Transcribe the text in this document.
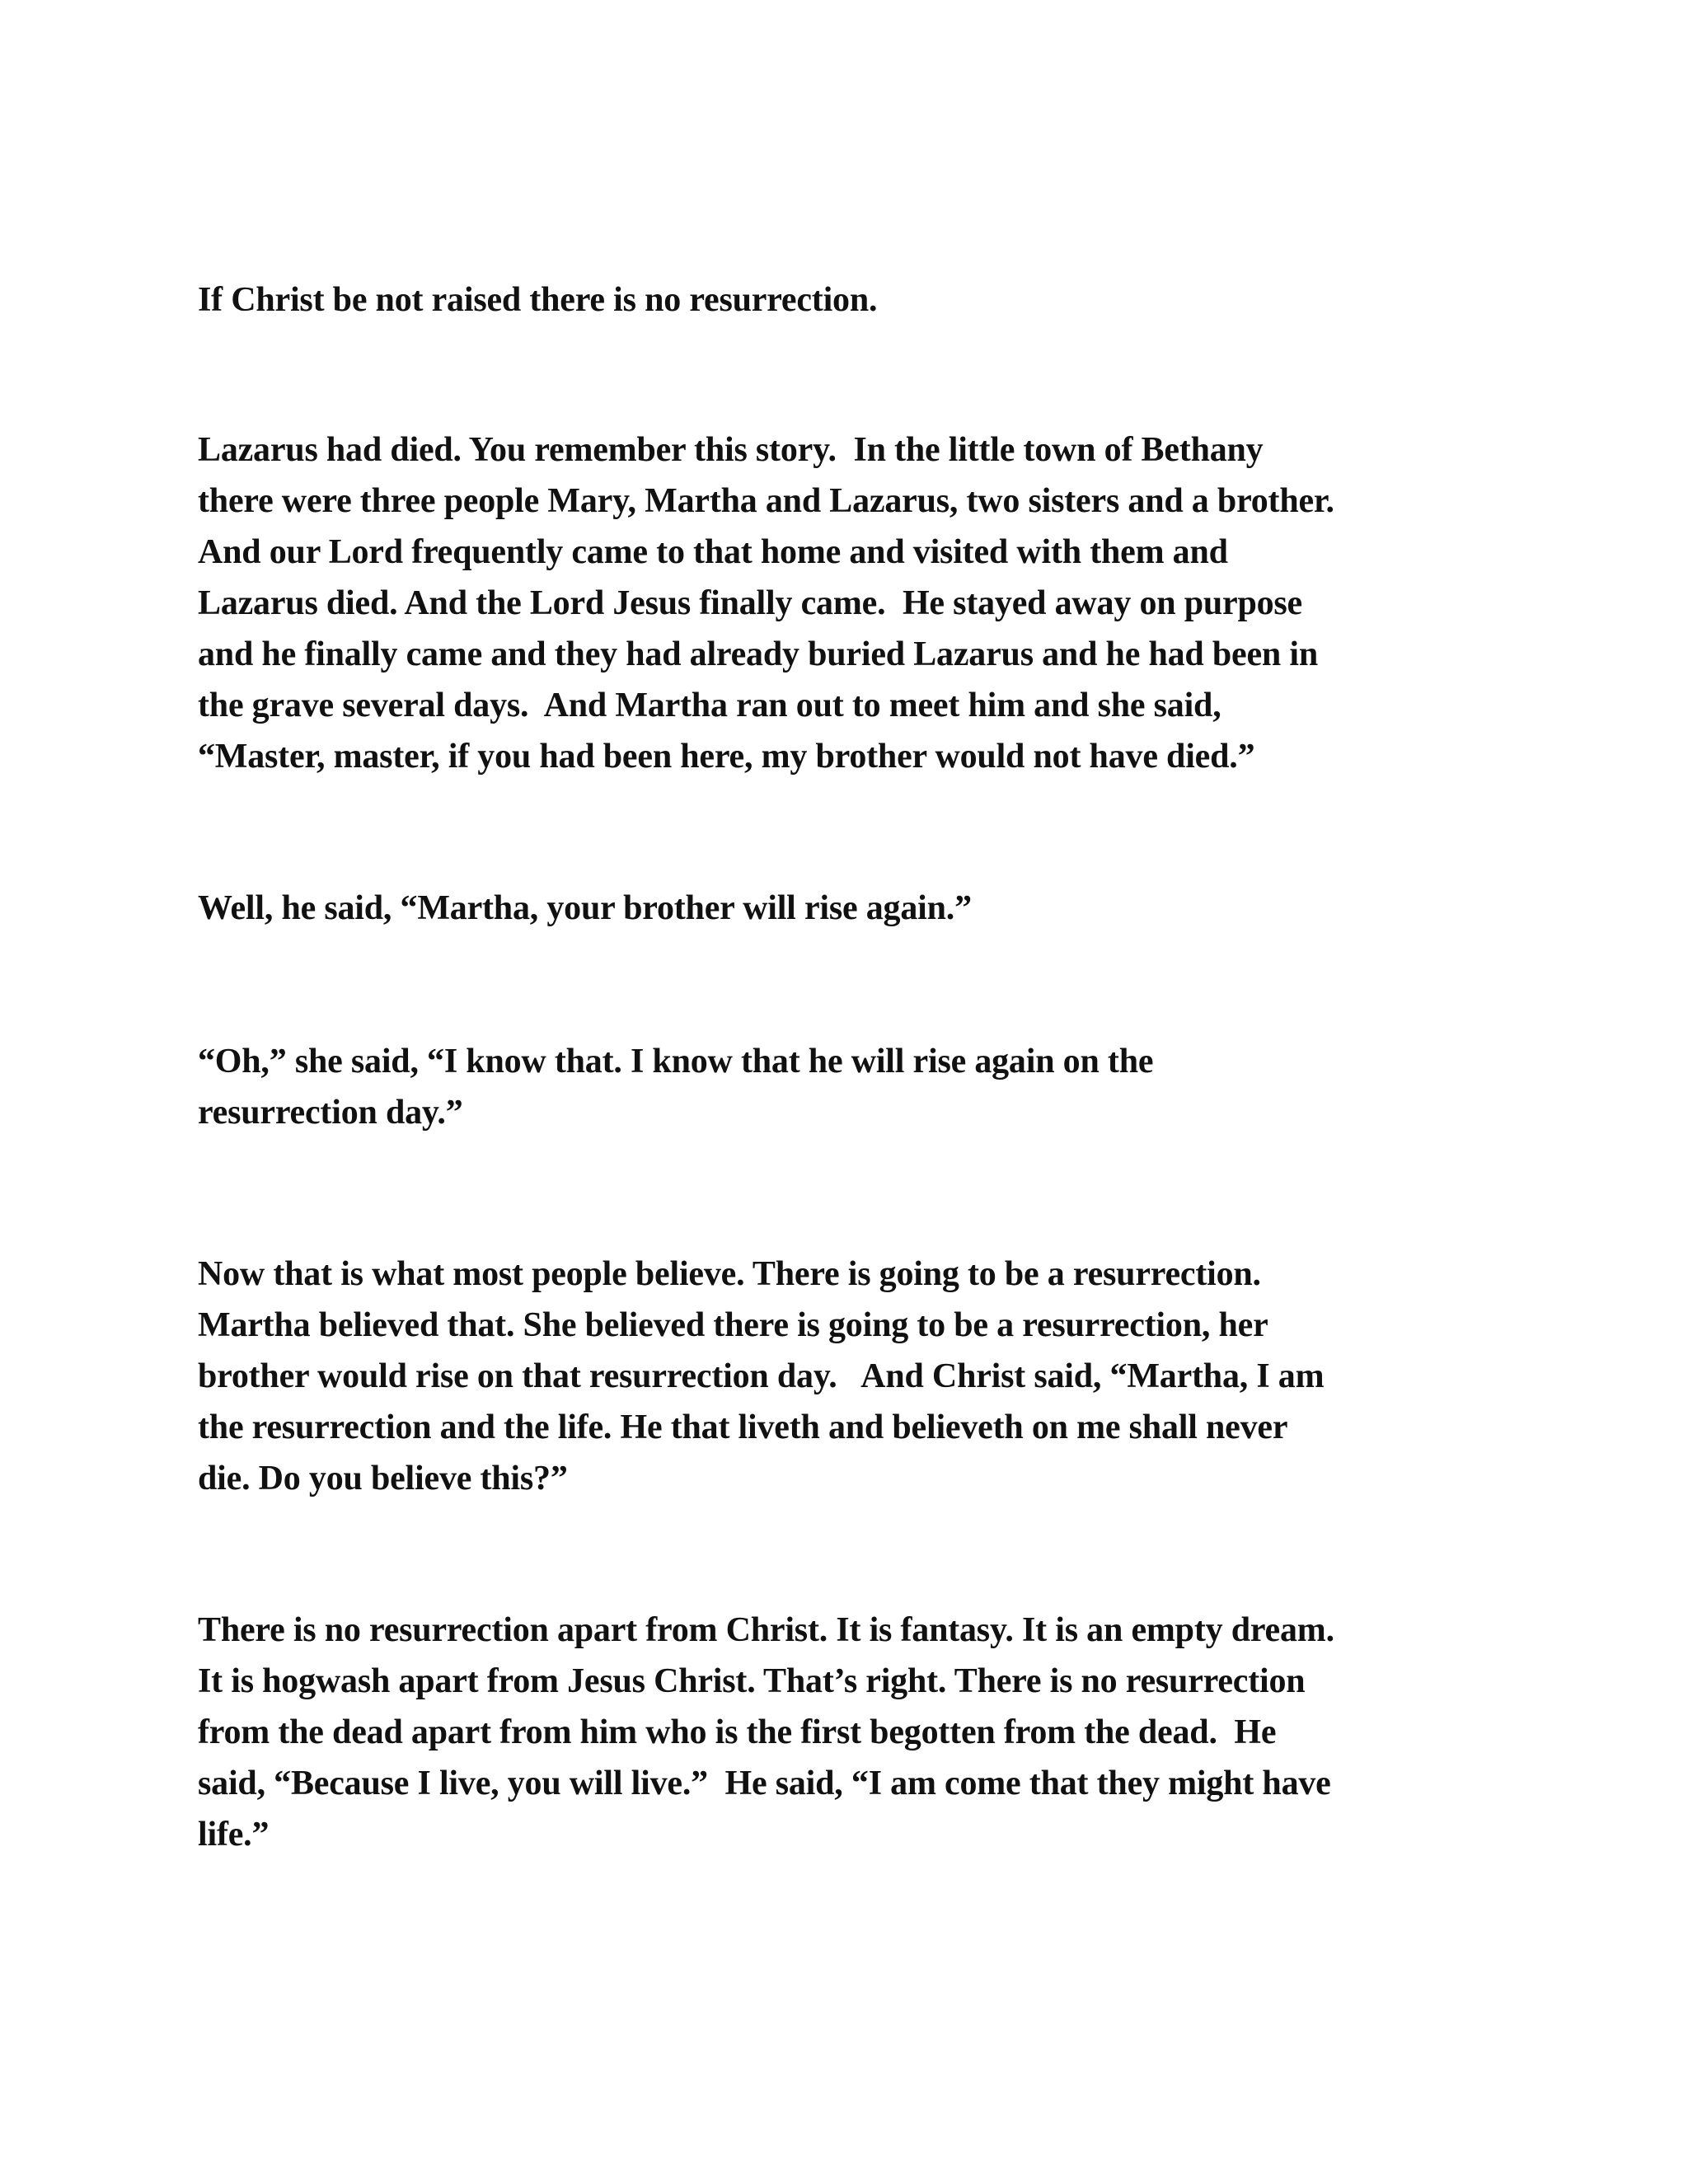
If Christ be not raised there is no resurrection.

Lazarus had died. You remember this story.  In the little town of Bethany
there were three people Mary, Martha and Lazarus, two sisters and a brother.
And our Lord frequently came to that home and visited with them and
Lazarus died. And the Lord Jesus finally came.  He stayed away on purpose
and he finally came and they had already buried Lazarus and he had been in
the grave several days.  And Martha ran out to meet him and she said,
“Master, master, if you had been here, my brother would not have died.”

Well, he said, “Martha, your brother will rise again.”

“Oh,” she said, “I know that. I know that he will rise again on the
resurrection day.”

Now that is what most people believe. There is going to be a resurrection.
Martha believed that. She believed there is going to be a resurrection, her
brother would rise on that resurrection day.   And Christ said, “Martha, I am
the resurrection and the life. He that liveth and believeth on me shall never
die. Do you believe this?”

There is no resurrection apart from Christ. It is fantasy. It is an empty dream.
It is hogwash apart from Jesus Christ. That’s right. There is no resurrection
from the dead apart from him who is the first begotten from the dead.  He
said, “Because I live, you will live.”  He said, “I am come that they might have
life.”
